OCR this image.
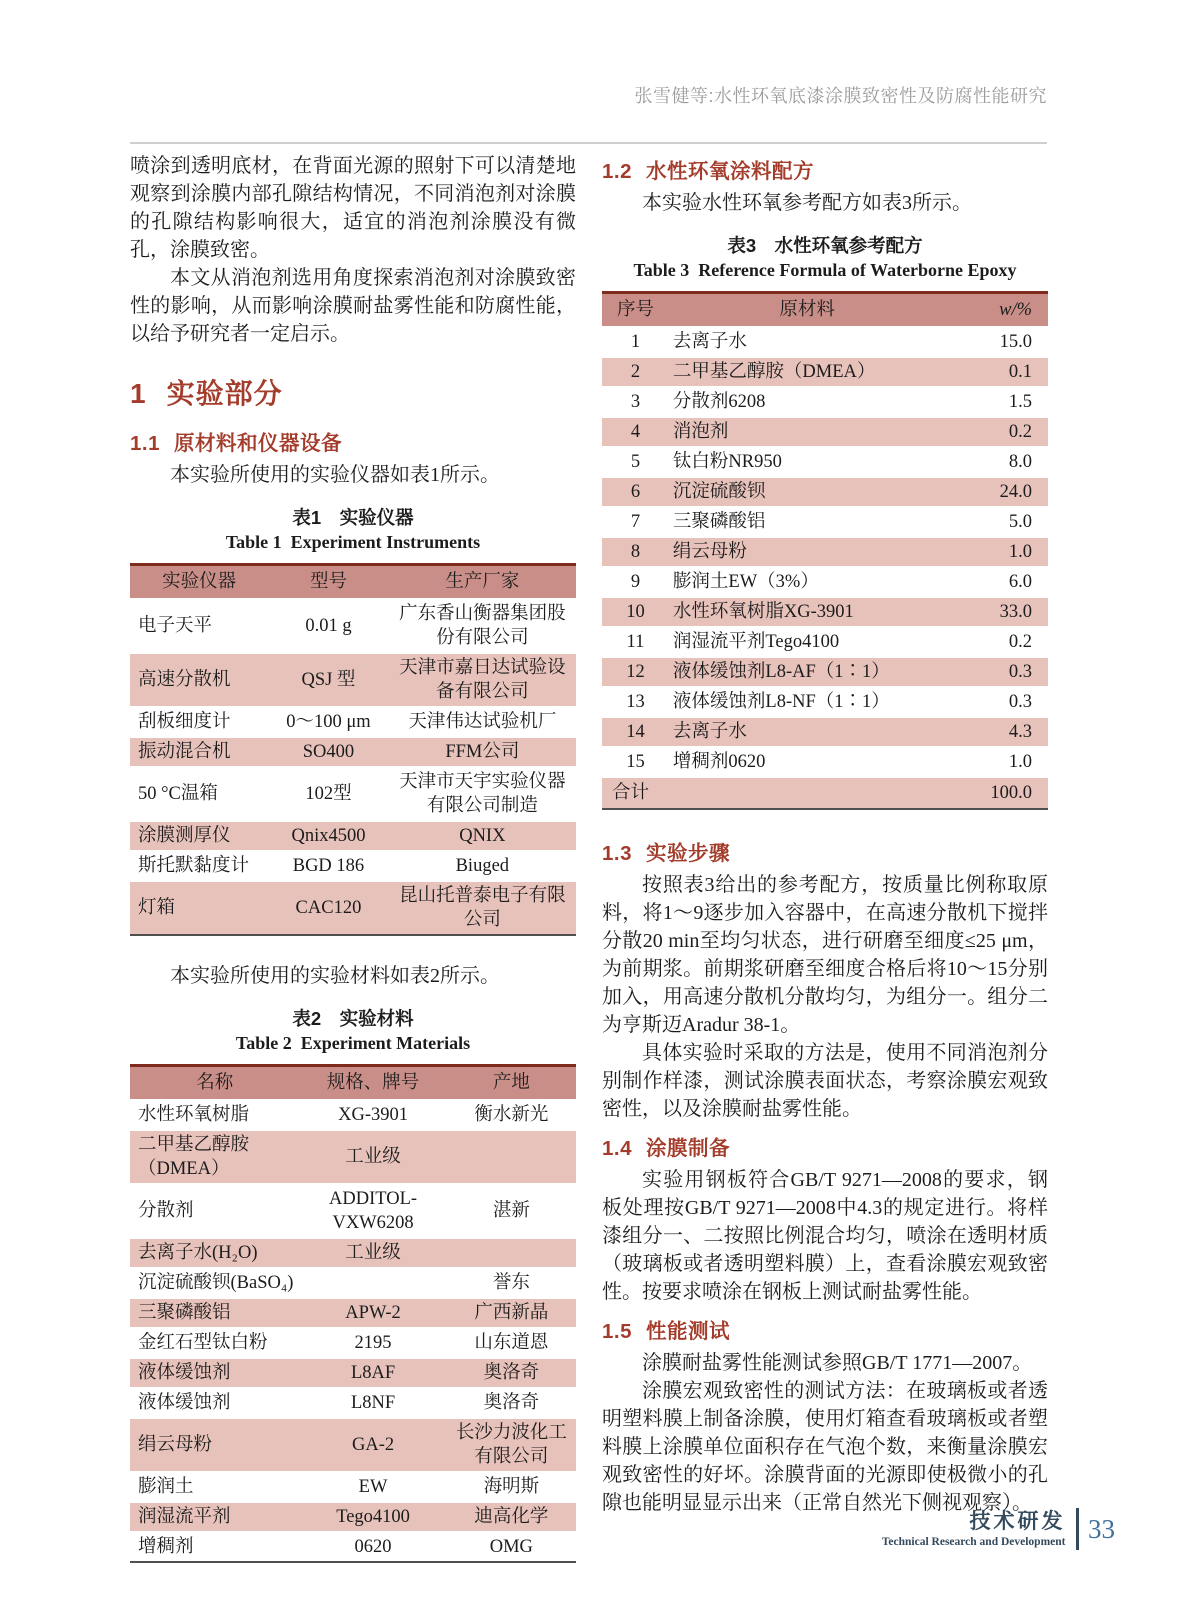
张雪健等:水性环氧底漆涂膜致密性及防腐性能研究

喷涂到透明底材，在背面光源的照射下可以清楚地观察到涂膜内部孔隙结构情况，不同消泡剂对涂膜的孔隙结构影响很大，适宜的消泡剂涂膜没有微孔，涂膜致密。

本文从消泡剂选用角度探索消泡剂对涂膜致密性的影响，从而影响涂膜耐盐雾性能和防腐性能，以给予研究者一定启示。

1 实验部分
1.1 原材料和仪器设备

本实验所使用的实验仪器如表1所示。

表1　实验仪器
Table 1  Experiment Instruments
实验仪器	型号	生产厂家
电子天平	0.01 g	广东香山衡器集团股份有限公司
高速分散机	QSJ 型	天津市嘉日达试验设备有限公司
刮板细度计	0～100 μm	天津伟达试验机厂
振动混合机	SO400	FFM公司
50 °C温箱	102型	天津市天宇实验仪器有限公司制造
涂膜测厚仪	Qnix4500	QNIX
斯托默黏度计	BGD 186	Biuged
灯箱	CAC120	昆山托普泰电子有限公司

本实验所使用的实验材料如表2所示。

表2　实验材料
Table 2  Experiment Materials
名称	规格、牌号	产地
水性环氧树脂	XG-3901	衡水新光
二甲基乙醇胺（DMEA）	工业级	
分散剂	ADDITOL-VXW6208	湛新
去离子水(H₂O)	工业级	
沉淀硫酸钡(BaSO₄)		誉东
三聚磷酸铝	APW-2	广西新晶
金红石型钛白粉	2195	山东道恩
液体缓蚀剂	L8AF	奥洛奇
液体缓蚀剂	L8NF	奥洛奇
绢云母粉	GA-2	长沙力波化工有限公司
膨润土	EW	海明斯
润湿流平剂	Tego4100	迪高化学
增稠剂	0620	OMG
1.2 水性环氧涂料配方

本实验水性环氧参考配方如表3所示。

表3　水性环氧参考配方
Table 3  Reference Formula of Waterborne Epoxy
序号	原材料	w/%
1	去离子水	15.0
2	二甲基乙醇胺（DMEA）	0.1
3	分散剂6208	1.5
4	消泡剂	0.2
5	钛白粉NR950	8.0
6	沉淀硫酸钡	24.0
7	三聚磷酸铝	5.0
8	绢云母粉	1.0
9	膨润土EW（3%）	6.0
10	水性环氧树脂XG-3901	33.0
11	润湿流平剂Tego4100	0.2
12	液体缓蚀剂L8-AF（1∶1）	0.3
13	液体缓蚀剂L8-NF（1∶1）	0.3
14	去离子水	4.3
15	增稠剂0620	1.0
合计		100.0
1.3 实验步骤

按照表3给出的参考配方，按质量比例称取原料，将1～9逐步加入容器中，在高速分散机下搅拌分散20 min至均匀状态，进行研磨至细度≤25 μm，为前期浆。前期浆研磨至细度合格后将10～15分别加入，用高速分散机分散均匀，为组分一。组分二为亨斯迈Aradur 38-1。

具体实验时采取的方法是，使用不同消泡剂分别制作样漆，测试涂膜表面状态，考察涂膜宏观致密性，以及涂膜耐盐雾性能。

1.4 涂膜制备

实验用钢板符合GB/T 9271—2008的要求，钢板处理按GB/T 9271—2008中4.3的规定进行。将样漆组分一、二按照比例混合均匀，喷涂在透明材质（玻璃板或者透明塑料膜）上，查看涂膜宏观致密性。按要求喷涂在钢板上测试耐盐雾性能。

1.5 性能测试

涂膜耐盐雾性能测试参照GB/T 1771—2007。

涂膜宏观致密性的测试方法：在玻璃板或者透明塑料膜上制备涂膜，使用灯箱查看玻璃板或者塑料膜上涂膜单位面积存在气泡个数，来衡量涂膜宏观致密性的好坏。涂膜背面的光源即使极微小的孔隙也能明显显示出来（正常自然光下侧视观察）。

技术研发
Technical Research and Development 33
